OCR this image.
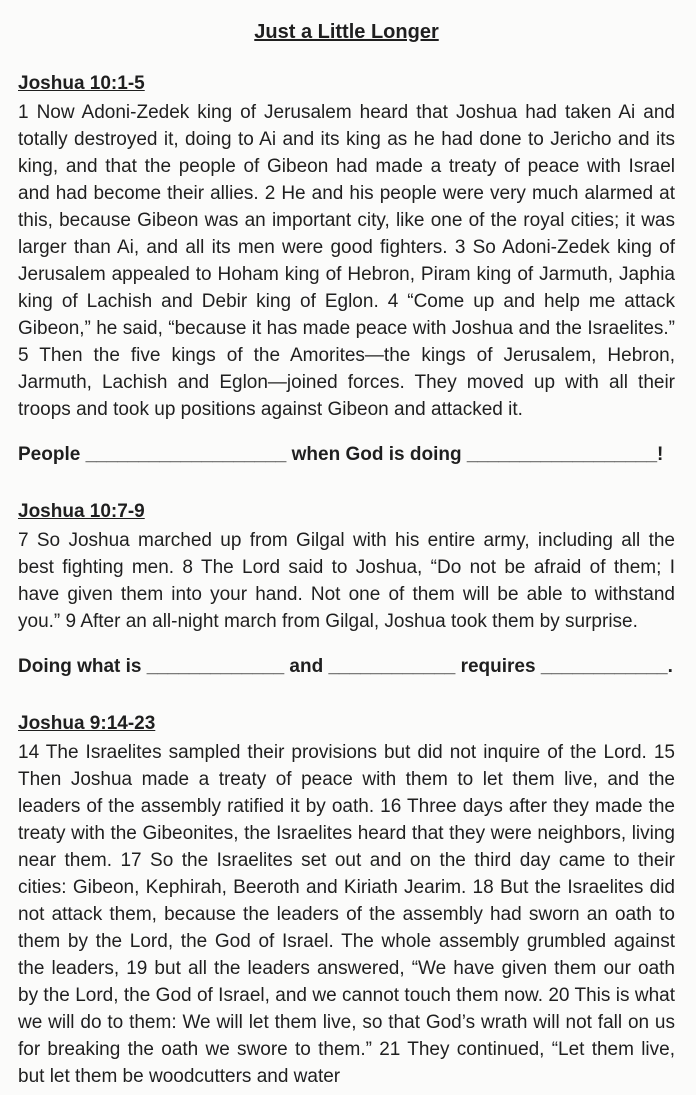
Just a Little Longer
Joshua 10:1-5

1 Now Adoni-Zedek king of Jerusalem heard that Joshua had taken Ai and totally destroyed it, doing to Ai and its king as he had done to Jericho and its king, and that the people of Gibeon had made a treaty of peace with Israel and had become their allies. 2 He and his people were very much alarmed at this, because Gibeon was an important city, like one of the royal cities; it was larger than Ai, and all its men were good fighters. 3 So Adoni-Zedek king of Jerusalem appealed to Hoham king of Hebron, Piram king of Jarmuth, Japhia king of Lachish and Debir king of Eglon. 4 “Come up and help me attack Gibeon,” he said, “because it has made peace with Joshua and the Israelites.” 5 Then the five kings of the Amorites—the kings of Jerusalem, Hebron, Jarmuth, Lachish and Eglon—joined forces. They moved up with all their troops and took up positions against Gibeon and attacked it.

People ___________________ when God is doing __________________!

Joshua 10:7-9

7 So Joshua marched up from Gilgal with his entire army, including all the best fighting men. 8 The Lord said to Joshua, “Do not be afraid of them; I have given them into your hand. Not one of them will be able to withstand you.” 9 After an all-night march from Gilgal, Joshua took them by surprise.

Doing what is _____________ and ____________ requires ____________.

Joshua 9:14-23

14 The Israelites sampled their provisions but did not inquire of the Lord. 15 Then Joshua made a treaty of peace with them to let them live, and the leaders of the assembly ratified it by oath. 16 Three days after they made the treaty with the Gibeonites, the Israelites heard that they were neighbors, living near them. 17 So the Israelites set out and on the third day came to their cities: Gibeon, Kephirah, Beeroth and Kiriath Jearim. 18 But the Israelites did not attack them, because the leaders of the assembly had sworn an oath to them by the Lord, the God of Israel. The whole assembly grumbled against the leaders, 19 but all the leaders answered, “We have given them our oath by the Lord, the God of Israel, and we cannot touch them now. 20 This is what we will do to them: We will let them live, so that God’s wrath will not fall on us for breaking the oath we swore to them.” 21 They continued, “Let them live, but let them be woodcutters and water
